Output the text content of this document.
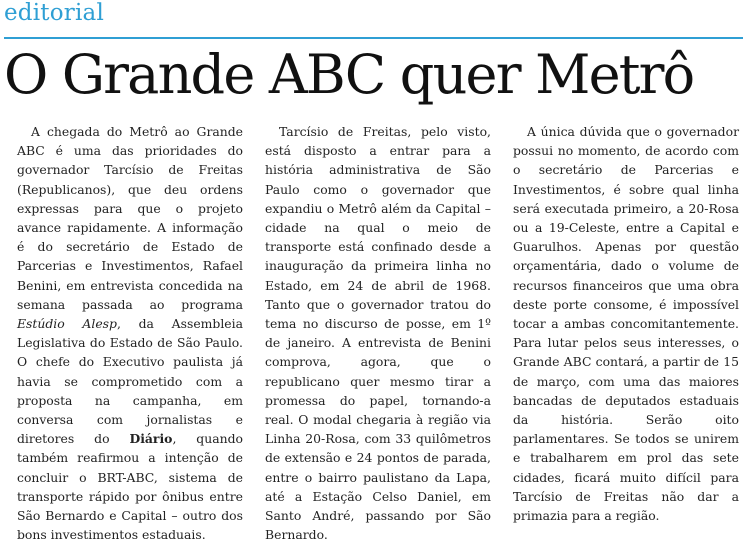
editorial
O Grande ABC quer Metrô

A chegada do Metrô ao Grande ABC é uma das prioridades do governador Tarcísio de Freitas (Republicanos), que deu ordens expressas para que o projeto avance rapidamente. A informação é do secretário de Estado de Parcerias e Investimentos, Rafael Benini, em entrevista concedida na semana passada ao programa Estúdio Alesp, da Assembleia Legislativa do Estado de São Paulo. O chefe do Executivo paulista já havia se comprometido com a proposta na campanha, em conversa com jornalistas e diretores do Diário, quando também reafirmou a intenção de concluir o BRT-ABC, sistema de transporte rápido por ônibus entre São Bernardo e Capital – outro dos bons investimentos estaduais.

Tarcísio de Freitas, pelo visto, está disposto a entrar para a história administrativa de São Paulo como o governador que expandiu o Metrô além da Capital – cidade na qual o meio de transporte está confinado desde a inauguração da primeira linha no Estado, em 24 de abril de 1968. Tanto que o governador tratou do tema no discurso de posse, em 1º de janeiro. A entrevista de Benini comprova, agora, que o republicano quer mesmo tirar a promessa do papel, tornando-a real. O modal chegaria à região via Linha 20-Rosa, com 33 quilômetros de extensão e 24 pontos de parada, entre o bairro paulistano da Lapa, até a Estação Celso Daniel, em Santo André, passando por São Bernardo.

A única dúvida que o governador possui no momento, de acordo com o secretário de Parcerias e Investimentos, é sobre qual linha será executada primeiro, a 20-Rosa ou a 19-Celeste, entre a Capital e Guarulhos. Apenas por questão orçamentária, dado o volume de recursos financeiros que uma obra deste porte consome, é impossível tocar a ambas concomitantemente. Para lutar pelos seus interesses, o Grande ABC contará, a partir de 15 de março, com uma das maiores bancadas de deputados estaduais da história. Serão oito parlamentares. Se todos se unirem e trabalharem em prol das sete cidades, ficará muito difícil para Tarcísio de Freitas não dar a primazia para a região.
